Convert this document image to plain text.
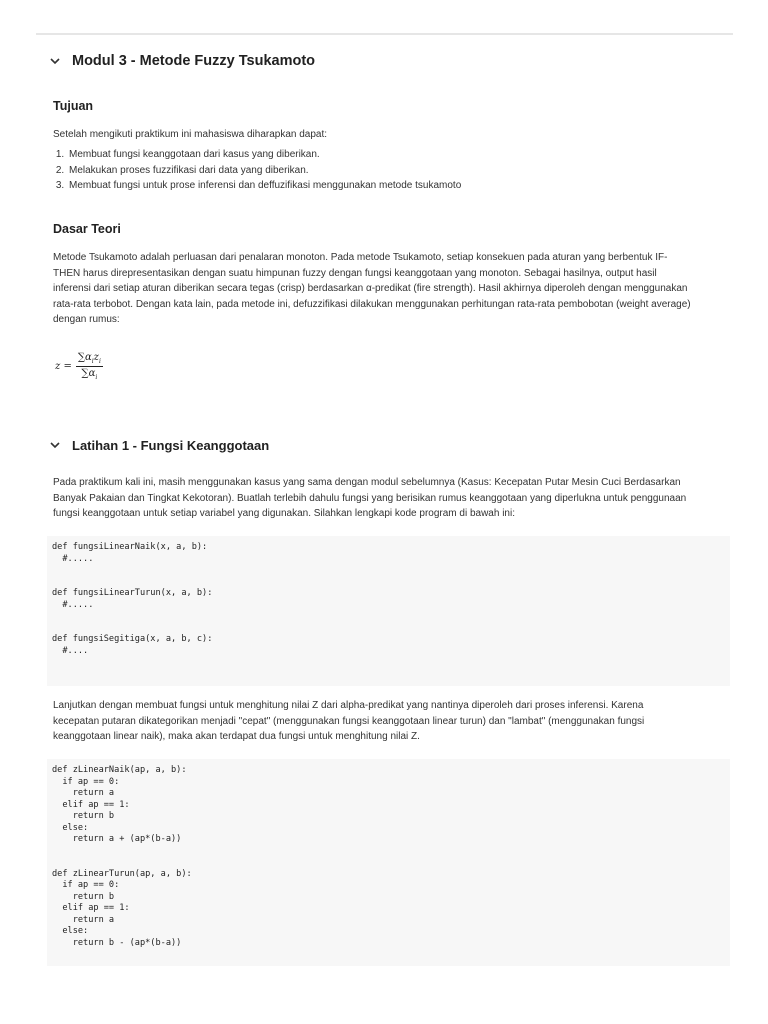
Modul 3 - Metode Fuzzy Tsukamoto
Tujuan
Setelah mengikuti praktikum ini mahasiswa diharapkan dapat:
1. Membuat fungsi keanggotaan dari kasus yang diberikan.
2. Melakukan proses fuzzifikasi dari data yang diberikan.
3. Membuat fungsi untuk prose inferensi dan deffuzifikasi menggunakan metode tsukamoto
Dasar Teori
Metode Tsukamoto adalah perluasan dari penalaran monoton. Pada metode Tsukamoto, setiap konsekuen pada aturan yang berbentuk IF-
THEN harus direpresentasikan dengan suatu himpunan fuzzy dengan fungsi keanggotaan yang monoton. Sebagai hasilnya, output hasil
inferensi dari setiap aturan diberikan secara tegas (crisp) berdasarkan α-predikat (fire strength). Hasil akhirnya diperoleh dengan menggunakan
rata-rata terbobot. Dengan kata lain, pada metode ini, defuzzifikasi dilakukan menggunakan perhitungan rata-rata pembobotan (weight average)
dengan rumus:
$z = \frac{\sum\alpha_iz_i}{\sum\alpha_i}$
Latihan 1 - Fungsi Keanggotaan
Pada praktikum kali ini, masih menggunakan kasus yang sama dengan modul sebelumnya (Kasus: Kecepatan Putar Mesin Cuci Berdasarkan
Banyak Pakaian dan Tingkat Kekotoran). Buatlah terlebih dahulu fungsi yang berisikan rumus keanggotaan yang diperlukna untuk penggunaan
fungsi keanggotaan untuk setiap variabel yang digunakan. Silahkan lengkapi kode program di bawah ini:
def fungsiLinearNaik(x, a, b):
#.....

def fungsiLinearTurun(x, a, b):
#.....

def fungsiSegitiga(x, a, b, c):
#....
Lanjutkan dengan membuat fungsi untuk menghitung nilai Z dari alpha-predikat yang nantinya diperoleh dari proses inferensi. Karena
kecepatan putaran dikategorikan menjadi "cepat" (menggunakan fungsi keanggotaan linear turun) dan "lambat" (menggunakan fungsi
keanggotaan linear naik), maka akan terdapat dua fungsi untuk menghitung nilai Z.
def zLinearNaik(ap, a, b):
if ap == 0:
return a
elif ap == 1:
return b
else:
return a + (ap*(b-a))

def zLinearTurun(ap, a, b):
if ap == 0:
return b
elif ap == 1:
return a
else:
return b - (ap*(b-a))
